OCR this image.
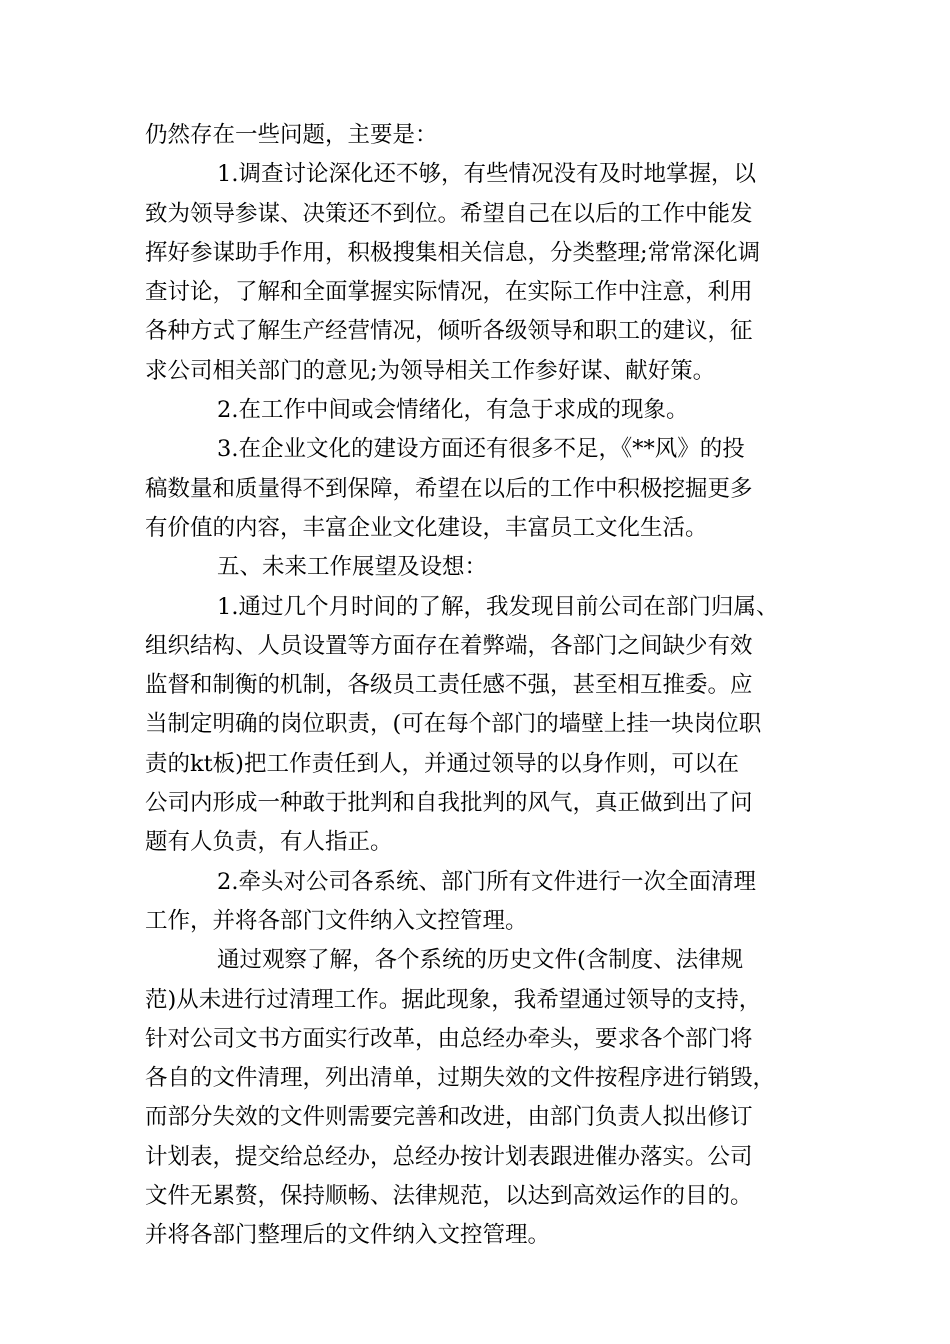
仍然存在一些问题，主要是：
1.调查讨论深化还不够，有些情况没有及时地掌握，以
致为领导参谋、决策还不到位。希望自己在以后的工作中能发
挥好参谋助手作用，积极搜集相关信息，分类整理;常常深化调
查讨论，了解和全面掌握实际情况，在实际工作中注意，利用
各种方式了解生产经营情况，倾听各级领导和职工的建议，征
求公司相关部门的意见;为领导相关工作参好谋、献好策。
2.在工作中间或会情绪化，有急于求成的现象。
3.在企业文化的建设方面还有很多不足，《**风》的投
稿数量和质量得不到保障，希望在以后的工作中积极挖掘更多
有价值的内容，丰富企业文化建设，丰富员工文化生活。
五、未来工作展望及设想：
1.通过几个月时间的了解，我发现目前公司在部门归属、
组织结构、人员设置等方面存在着弊端，各部门之间缺少有效
监督和制衡的机制，各级员工责任感不强，甚至相互推委。应
当制定明确的岗位职责，(可在每个部门的墙壁上挂一块岗位职
责的kt板)把工作责任到人，并通过领导的以身作则，可以在
公司内形成一种敢于批判和自我批判的风气，真正做到出了问
题有人负责，有人指正。
2.牵头对公司各系统、部门所有文件进行一次全面清理
工作，并将各部门文件纳入文控管理。
通过观察了解，各个系统的历史文件(含制度、法律规
范)从未进行过清理工作。据此现象，我希望通过领导的支持，
针对公司文书方面实行改革，由总经办牵头，要求各个部门将
各自的文件清理，列出清单，过期失效的文件按程序进行销毁，
而部分失效的文件则需要完善和改进，由部门负责人拟出修订
计划表，提交给总经办，总经办按计划表跟进催办落实。公司
文件无累赘，保持顺畅、法律规范，以达到高效运作的目的。
并将各部门整理后的文件纳入文控管理。
